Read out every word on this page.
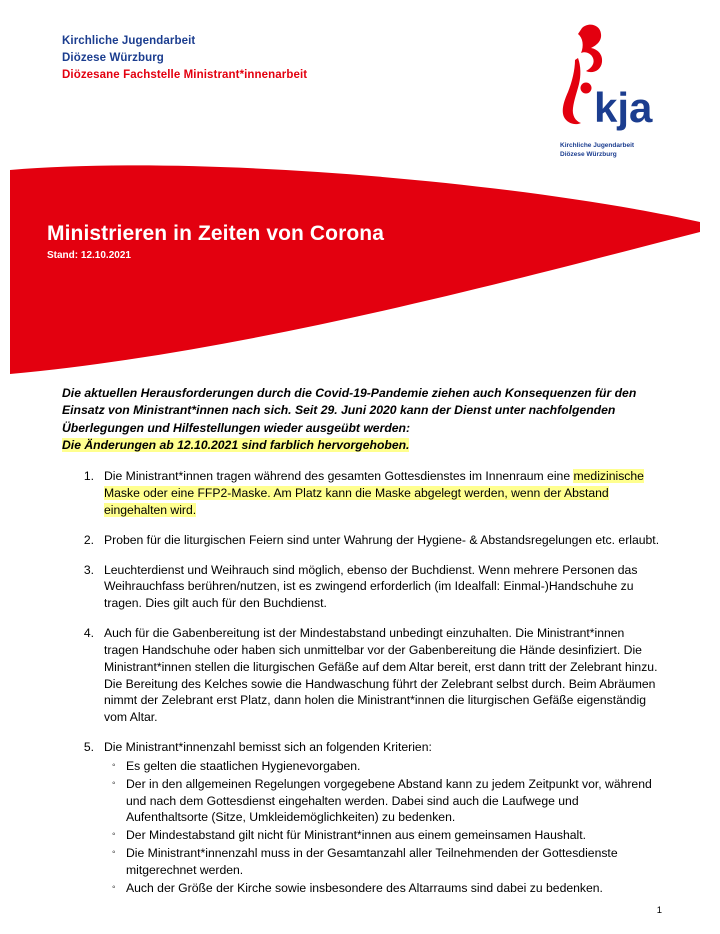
Kirchliche Jugendarbeit
Diözese Würzburg
Diözesane Fachstelle Ministrant*innenarbeit
kja
Kirchliche Jugendarbeit
Diözese Würzburg
Ministrieren in Zeiten von Corona
Stand: 12.10.2021

Die aktuellen Herausforderungen durch die Covid-19-Pandemie ziehen auch Konsequenzen für den Einsatz von Ministrant*innen nach sich. Seit 29. Juni 2020 kann der Dienst unter nachfolgenden Überlegungen und Hilfestellungen wieder ausgeübt werden:
Die Änderungen ab 12.10.2021 sind farblich hervorgehoben.

1. Die Ministrant*innen tragen während des gesamten Gottesdienstes im Innenraum eine medizinische Maske oder eine FFP2-Maske. Am Platz kann die Maske abgelegt werden, wenn der Abstand eingehalten wird.
2. Proben für die liturgischen Feiern sind unter Wahrung der Hygiene- & Abstandsregelungen etc. erlaubt.
3. Leuchterdienst und Weihrauch sind möglich, ebenso der Buchdienst. Wenn mehrere Personen das Weihrauchfass berühren/nutzen, ist es zwingend erforderlich (im Idealfall: Einmal-)Handschuhe zu tragen. Dies gilt auch für den Buchdienst.
4. Auch für die Gabenbereitung ist der Mindestabstand unbedingt einzuhalten. Die Ministrant*innen tragen Handschuhe oder haben sich unmittelbar vor der Gabenbereitung die Hände desinfiziert. Die Ministrant*innen stellen die liturgischen Gefäße auf dem Altar bereit, erst dann tritt der Zelebrant hinzu. Die Bereitung des Kelches sowie die Handwaschung führt der Zelebrant selbst durch. Beim Abräumen nimmt der Zelebrant erst Platz, dann holen die Ministrant*innen die liturgischen Gefäße eigenständig vom Altar.
5. Die Ministrant*innenzahl bemisst sich an folgenden Kriterien:
◦ Es gelten die staatlichen Hygienevorgaben.
◦ Der in den allgemeinen Regelungen vorgegebene Abstand kann zu jedem Zeitpunkt vor, während und nach dem Gottesdienst eingehalten werden. Dabei sind auch die Laufwege und Aufenthaltsorte (Sitze, Umkleidemöglichkeiten) zu bedenken.
◦ Der Mindestabstand gilt nicht für Ministrant*innen aus einem gemeinsamen Haushalt.
◦ Die Ministrant*innenzahl muss in der Gesamtanzahl aller Teilnehmenden der Gottesdienste mitgerechnet werden.
◦ Auch der Größe der Kirche sowie insbesondere des Altarraums sind dabei zu bedenken.
1
